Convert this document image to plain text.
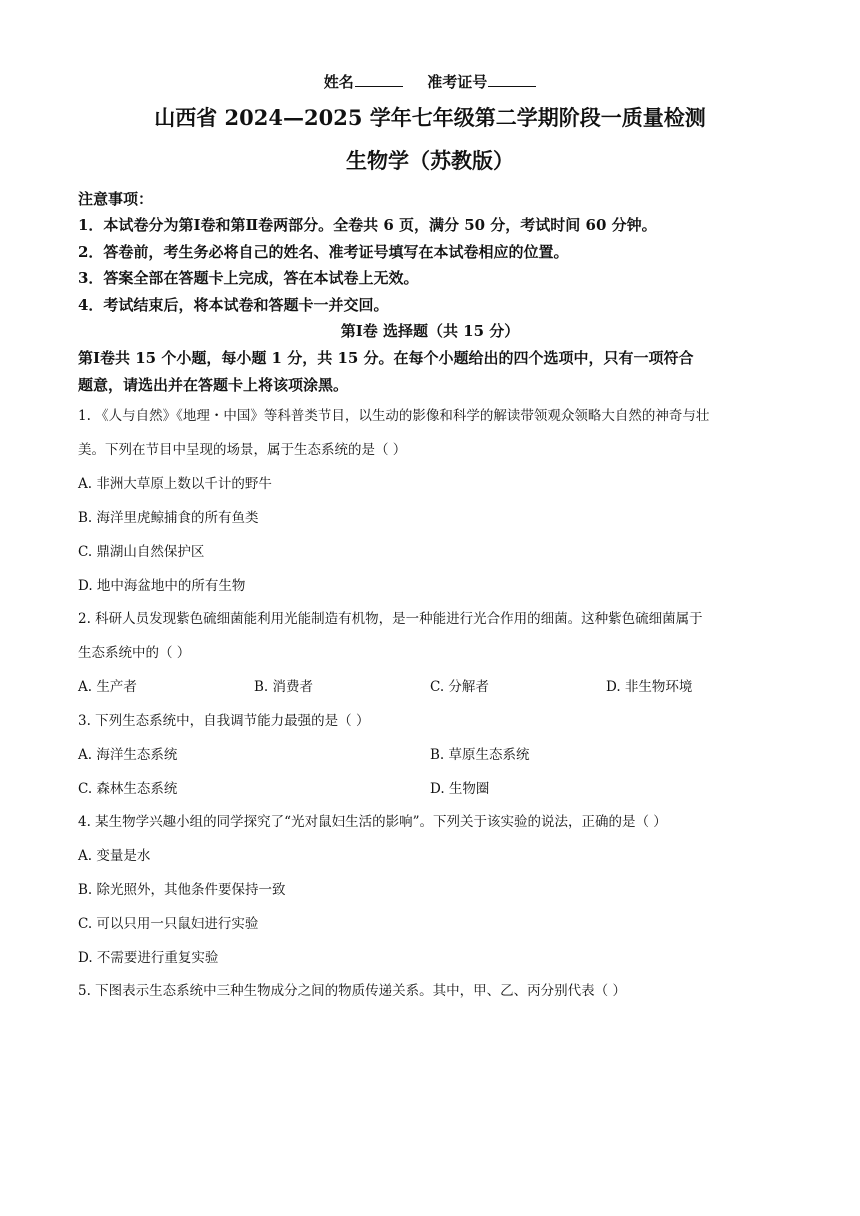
姓名	准考证号
山西省 2024—2025 学年七年级第二学期阶段一质量检测
生物学（苏教版）
注意事项：
1．本试卷分为第Ⅰ卷和第Ⅱ卷两部分。全卷共 6 页，满分 50 分，考试时间 60 分钟。
2．答卷前，考生务必将自己的姓名、准考证号填写在本试卷相应的位置。
3．答案全部在答题卡上完成，答在本试卷上无效。
4．考试结束后，将本试卷和答题卡一并交回。
第Ⅰ卷 选择题（共 15 分）
第Ⅰ卷共 15 个小题，每小题 1 分，共 15 分。在每个小题给出的四个选项中，只有一项符合
题意，请选出并在答题卡上将该项涂黑。
1. 《人与自然》《地理・中国》等科普类节目，以生动的影像和科学的解读带领观众领略大自然的神奇与壮
美。下列在节目中呈现的场景，属于生态系统的是（ ）
A. 非洲大草原上数以千计的野牛
B. 海洋里虎鲸捕食的所有鱼类
C. 鼎湖山自然保护区
D. 地中海盆地中的所有生物
2. 科研人员发现紫色硫细菌能利用光能制造有机物，是一种能进行光合作用的细菌。这种紫色硫细菌属于
生态系统中的（ ）
A. 生产者	B. 消费者	C. 分解者	D. 非生物环境
3. 下列生态系统中，自我调节能力最强的是（ ）
A. 海洋生态系统	B. 草原生态系统
C. 森林生态系统	D. 生物圈
4. 某生物学兴趣小组的同学探究了“光对鼠妇生活的影响”。下列关于该实验的说法，正确的是（ ）
A. 变量是水
B. 除光照外，其他条件要保持一致
C. 可以只用一只鼠妇进行实验
D. 不需要进行重复实验
5. 下图表示生态系统中三种生物成分之间的物质传递关系。其中，甲、乙、丙分别代表（ ）
